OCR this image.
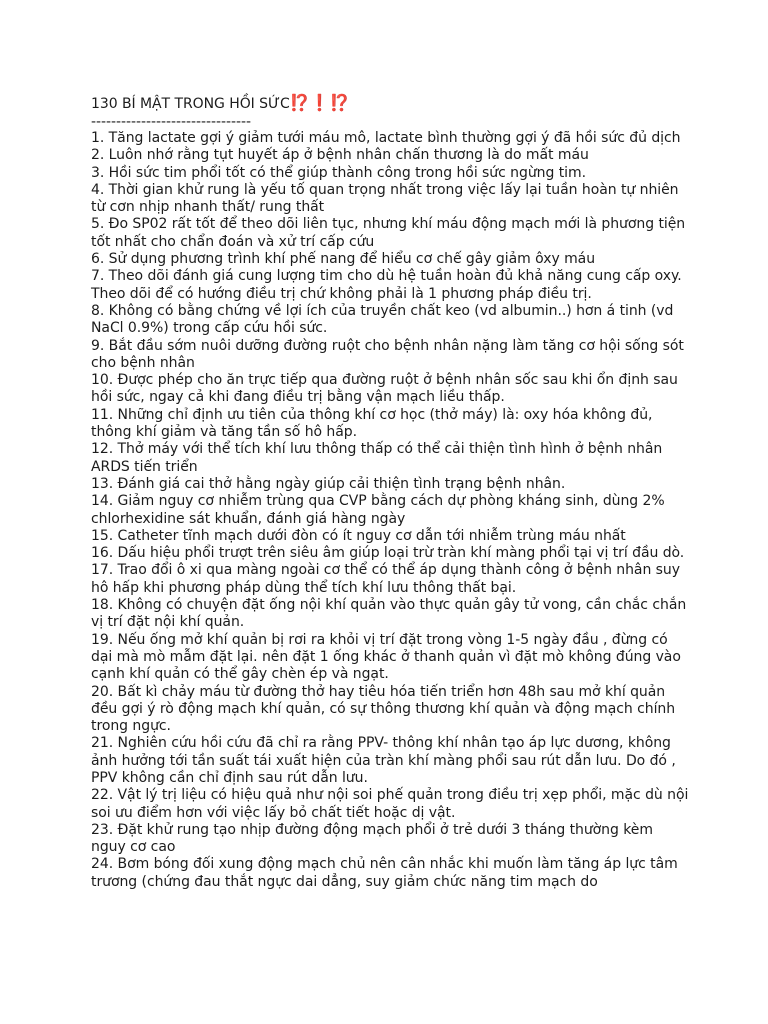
130 BÍ MẬT TRONG HỒI SỨC⁉️❗⁉️
--------------------------------

1. Tăng lactate gợi ý giảm tưới máu mô, lactate bình thường gợi ý đã hồi sức đủ dịch

2. Luôn nhớ rằng tụt huyết áp ở bệnh nhân chấn thương là do mất máu

3. Hồi sức tim phổi tốt có thể giúp thành công trong hồi sức ngừng tim.

4. Thời gian khử rung là yếu tố quan trọng nhất trong việc lấy lại tuần hoàn tự nhiên từ cơn nhịp nhanh thất/ rung thất

5. Đo SP02 rất tốt để theo dõi liên tục, nhưng khí máu động mạch mới là phương tiện tốt nhất cho chẩn đoán và xử trí cấp cứu

6. Sử dụng phương trình khí phế nang để hiểu cơ chế gây giảm ôxy máu

7. Theo dõi đánh giá cung lượng tim cho dù hệ tuần hoàn đủ khả năng cung cấp oxy. Theo dõi để có hướng điều trị chứ không phải là 1 phương pháp điều trị.

8. Không có bằng chứng về lợi ích của truyền chất keo (vd albumin..) hơn á tinh (vd NaCl 0.9%) trong cấp cứu hồi sức.

9. Bắt đầu sớm nuôi dưỡng đường ruột cho bệnh nhân nặng làm tăng cơ hội sống sót cho bệnh nhân

10. Được phép cho ăn trực tiếp qua đường ruột ở bệnh nhân sốc sau khi ổn định sau hồi sức, ngay cả khi đang điều trị bằng vận mạch liều thấp.

11. Những chỉ định ưu tiên của thông khí cơ học (thở máy) là: oxy hóa không đủ, thông khí giảm và tăng tần số hô hấp.

12. Thở máy với thể tích khí lưu thông thấp có thể cải thiện tình hình ở bệnh nhân ARDS tiến triển

13. Đánh giá cai thở hằng ngày giúp cải thiện tình trạng bệnh nhân.

14. Giảm nguy cơ nhiễm trùng qua CVP bằng cách dự phòng kháng sinh, dùng 2% chlorhexidine sát khuẩn, đánh giá hàng ngày

15. Catheter tĩnh mạch dưới đòn có ít nguy cơ dẫn tới nhiễm trùng máu nhất

16. Dấu hiệu phổi trượt trên siêu âm giúp loại trừ tràn khí màng phổi tại vị trí đầu dò.

17. Trao đổi ô xi qua màng ngoài cơ thể có thể áp dụng thành công ở bệnh nhân suy hô hấp khi phương pháp dùng thể tích khí lưu thông thất bại.

18. Không có chuyện đặt ống nội khí quản vào thực quản gây tử vong, cần chắc chắn vị trí đặt nội khí quản.

19. Nếu ống mở khí quản bị rơi ra khỏi vị trí đặt trong vòng 1-5 ngày đầu , đừng có dại mà mò mẫm đặt lại. nên đặt 1 ống khác ở thanh quản vì đặt mò không đúng vào cạnh khí quản có thể gây chèn ép và ngạt.

20. Bất kì chảy máu từ đường thở hay tiêu hóa tiến triển hơn 48h sau mở khí quản đều gợi ý rò động mạch khí quản, có sự thông thương khí quản và động mạch chính trong ngực.

21. Nghiên cứu hồi cứu đã chỉ ra rằng PPV- thông khí nhân tạo áp lực dương, không ảnh hưởng tới tần suất tái xuất hiện của tràn khí màng phổi sau rút dẫn lưu. Do đó , PPV không cần chỉ định sau rút dẫn lưu.

22. Vật lý trị liệu có hiệu quả như nội soi phế quản trong điều trị xẹp phổi, mặc dù nội soi ưu điểm hơn với việc lấy bỏ chất tiết hoặc dị vật.

23. Đặt khử rung tạo nhịp đường động mạch phổi ở trẻ dưới 3 tháng thường kèm nguy cơ cao

24. Bơm bóng đối xung động mạch chủ nên cân nhắc khi muốn làm tăng áp lực tâm trương (chứng đau thắt ngực dai dẳng, suy giảm chức năng tim mạch do
